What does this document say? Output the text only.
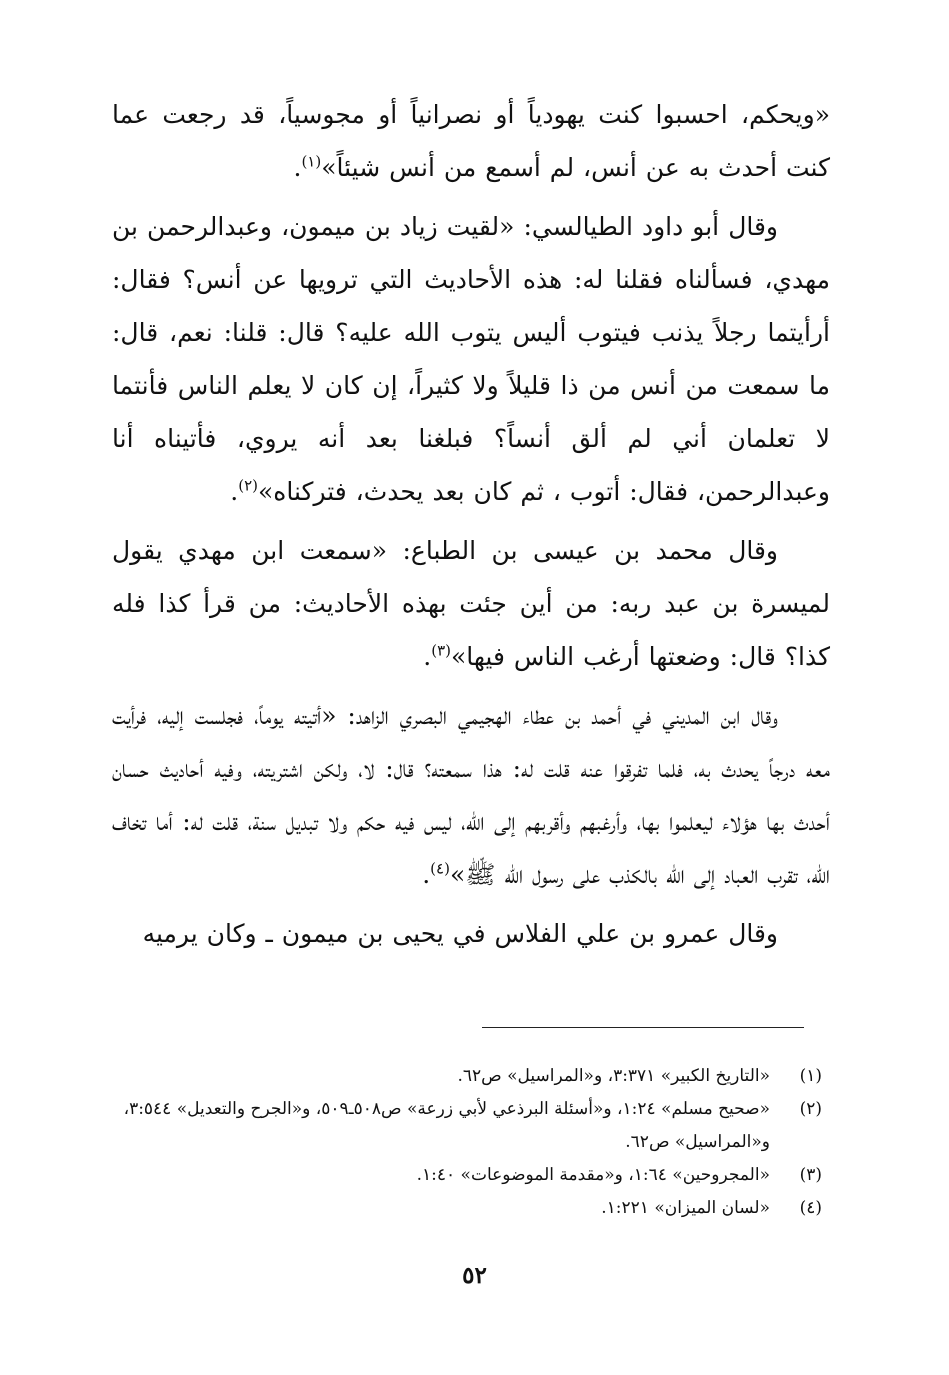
«ويحكم، احسبوا كنت يهودياً أو نصرانياً أو مجوسياً، قد رجعت عما كنت أحدث به عن أنس، لم أسمع من أنس شيئاً»$^{(١)}$.

وقال أبو داود الطيالسي: «لقيت زياد بن ميمون، وعبدالرحمن بن مهدي، فسألناه فقلنا له: هذه الأحاديث التي ترويها عن أنس؟ فقال: أرأيتما رجلاً يذنب فيتوب أليس يتوب الله عليه؟ قال: قلنا: نعم، قال: ما سمعت من أنس من ذا قليلاً ولا كثيراً، إن كان لا يعلم الناس فأنتما لا تعلمان أني لم ألق أنساً؟ فبلغنا بعد أنه يروي، فأتيناه أنا وعبدالرحمن، فقال: أتوب ، ثم كان بعد يحدث، فتركناه»$^{(٢)}$.

وقال محمد بن عيسى بن الطباع: «سمعت ابن مهدي يقول لميسرة بن عبد ربه: من أين جئت بهذه الأحاديث: من قرأ كذا فله كذا؟ قال: وضعتها أرغب الناس فيها»$^{(٣)}$.

وقال ابن المديني في أحمد بن عطاء الهجيمي البصري الزاهد: «أتيته يوماً، فجلست إليه، فرأيت معه درجاً يحدث به، فلما تفرقوا عنه قلت له: هذا سمعته؟ قال: لا، ولكن اشتريته، وفيه أحاديث حسان أحدث بها هؤلاء ليعلموا بها، وأرغبهم وأقربهم إلى الله، ليس فيه حكم ولا تبديل سنة، قلت له: أما تخاف الله، تقرب العباد إلى الله بالكذب على رسول الله ﷺ»$^{(٤)}$.

وقال عمرو بن علي الفلاس في يحيى بن ميمون ـ وكان يرميه

(١)
«التاريخ الكبير» ٣:٣٧١، و«المراسيل» ص٦٢.

(٢)
«صحيح مسلم» ١:٢٤، و«أسئلة البرذعي لأبي زرعة» ص٥٠٨ـ٥٠٩، و«الجرح والتعديل» ٣:٥٤٤، و«المراسيل» ص٦٢.

(٣)
«المجروحين» ١:٦٤، و«مقدمة الموضوعات» ١:٤٠.

(٤)
«لسان الميزان» ١:٢٢١.

٥٢
